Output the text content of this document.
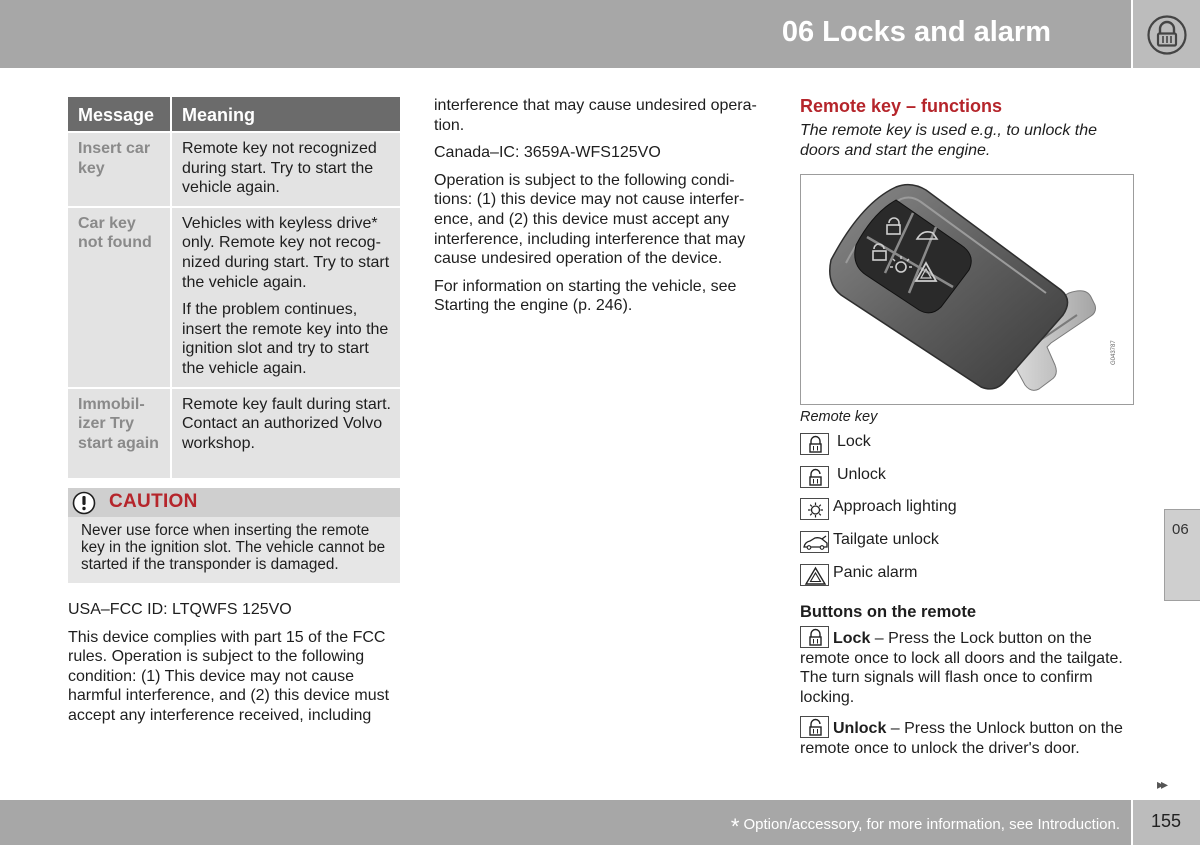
06 Locks and alarm
06
Message	Meaning
Insert car key	Remote key not recognized during start. Try to start the vehicle again.

Car key not found	Vehicles with keyless drive* only. Remote key not recog-nized during start. Try to start the vehicle again.

If the problem continues, insert the remote key into the ignition slot and try to start the vehicle again.

Immobil-izer Try start again	Remote key fault during start. Contact an authorized Volvo workshop.

CAUTION
Never use force when inserting the remote key in the ignition slot. The vehicle cannot be started if the transponder is damaged.

USA–FCC ID: LTQWFS 125VO

This device complies with part 15 of the FCC rules. Operation is subject to the following condition: (1) This device may not cause harmful interference, and (2) this device must accept any interference received, including

interference that may cause undesired opera-tion.

Canada–IC: 3659A-WFS125VO

Operation is subject to the following condi-tions: (1) this device may not cause interfer-ence, and (2) this device must accept any interference, including interference that may cause undesired operation of the device.

For information on starting the vehicle, see Starting the engine (p. 246).

Remote key – functions
The remote key is used e.g., to unlock the doors and start the engine.
G043787
Remote key
Lock
Unlock
Approach lighting
Tailgate unlock
Panic alarm
Buttons on the remote
Lock – Press the Lock button on the remote once to lock all doors and the tailgate. The turn signals will flash once to confirm locking.
Unlock – Press the Unlock button on the remote once to unlock the driver's door.
▸▸
* Option/accessory, for more information, see Introduction. 155
